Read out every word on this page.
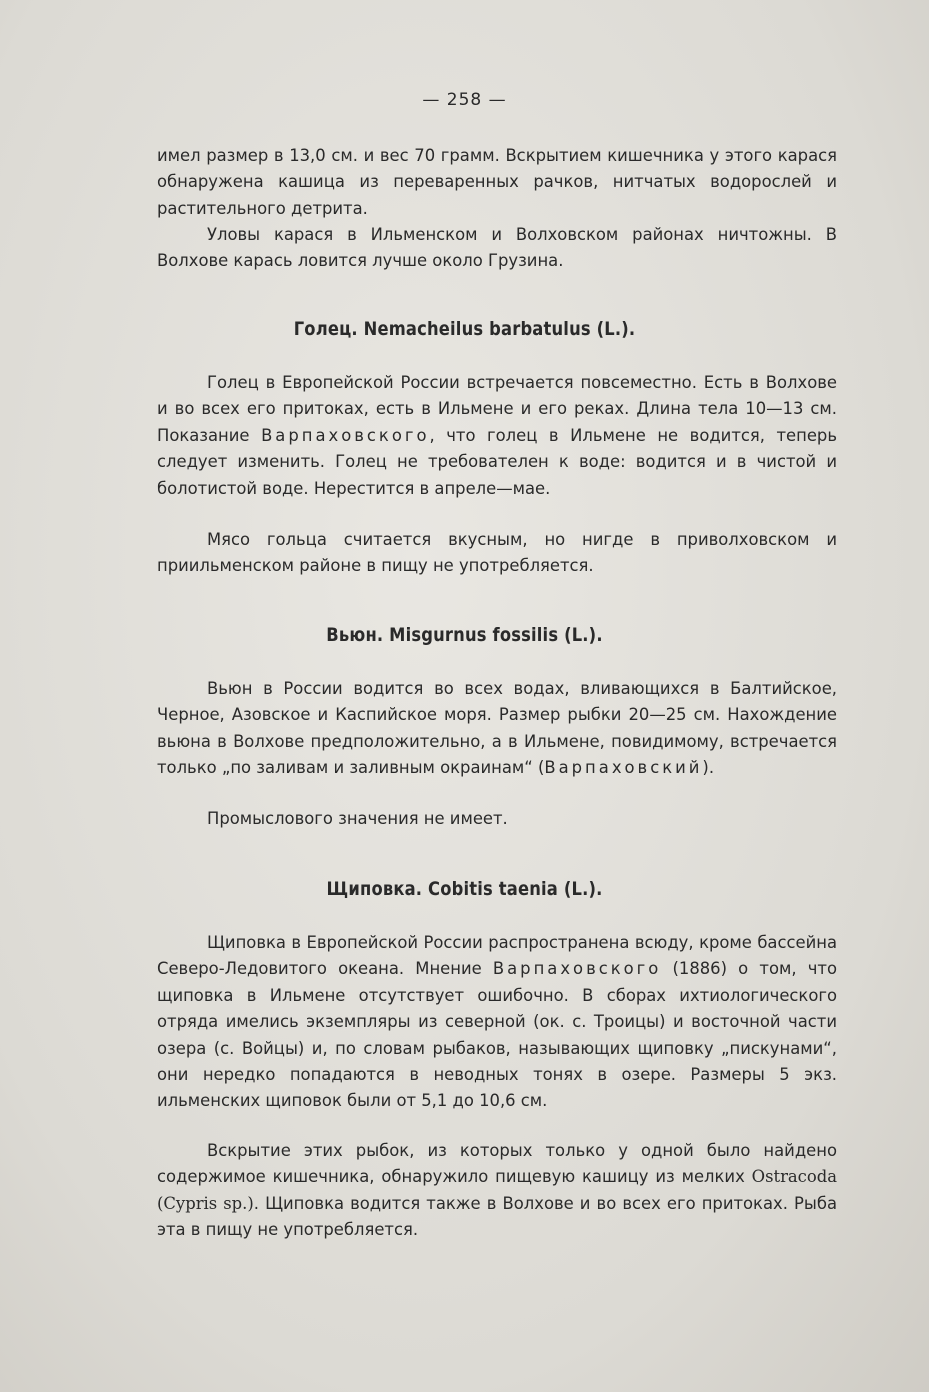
— 258 —
имел размер в 13,0 см. и вес 70 грамм. Вскрытием кишечника у этого карася обнаружена кашица из переваренных рачков, нитчатых водорослей и растительного детрита.
Уловы карася в Ильменском и Волховском районах ничтожны. В Волхове карась ловится лучше около Грузина.
Голец. Nemacheilus barbatulus (L.).
Голец в Европейской России встречается повсеместно. Есть в Волхове и во всех его притоках, есть в Ильмене и его реках. Длина тела 10—13 см. Показание Варпаховского, что голец в Ильмене не водится, теперь следует изменить. Голец не требователен к воде: водится и в чистой и болотистой воде. Нерестится в апреле—мае.
Мясо гольца считается вкусным, но нигде в приволховском и приильменском районе в пищу не употребляется.
Вьюн. Misgurnus fossilis (L.).
Вьюн в России водится во всех водах, вливающихся в Балтийское, Черное, Азовское и Каспийское моря. Размер рыбки 20—25 см. Нахождение вьюна в Волхове предположительно, а в Ильмене, повидимому, встречается только „по заливам и заливным окраинам“ (Варпаховский).
Промыслового значения не имеет.
Щиповка. Cobitis taenia (L.).
Щиповка в Европейской России распространена всюду, кроме бассейна Северо-Ледовитого океана. Мнение Варпаховского (1886) о том, что щиповка в Ильмене отсутствует ошибочно. В сборах ихтиологического отряда имелись экземпляры из северной (ок. с. Троицы) и восточной части озера (с. Войцы) и, по словам рыбаков, называющих щиповку „пискунами“, они нередко попадаются в неводных тонях в озере. Размеры 5 экз. ильменских щиповок были от 5,1 до 10,6 см.
Вскрытие этих рыбок, из которых только у одной было найдено содержимое кишечника, обнаружило пищевую кашицу из мелких Ostracoda (Cypris sp.). Щиповка водится также в Волхове и во всех его притоках. Рыба эта в пищу не употребляется.
